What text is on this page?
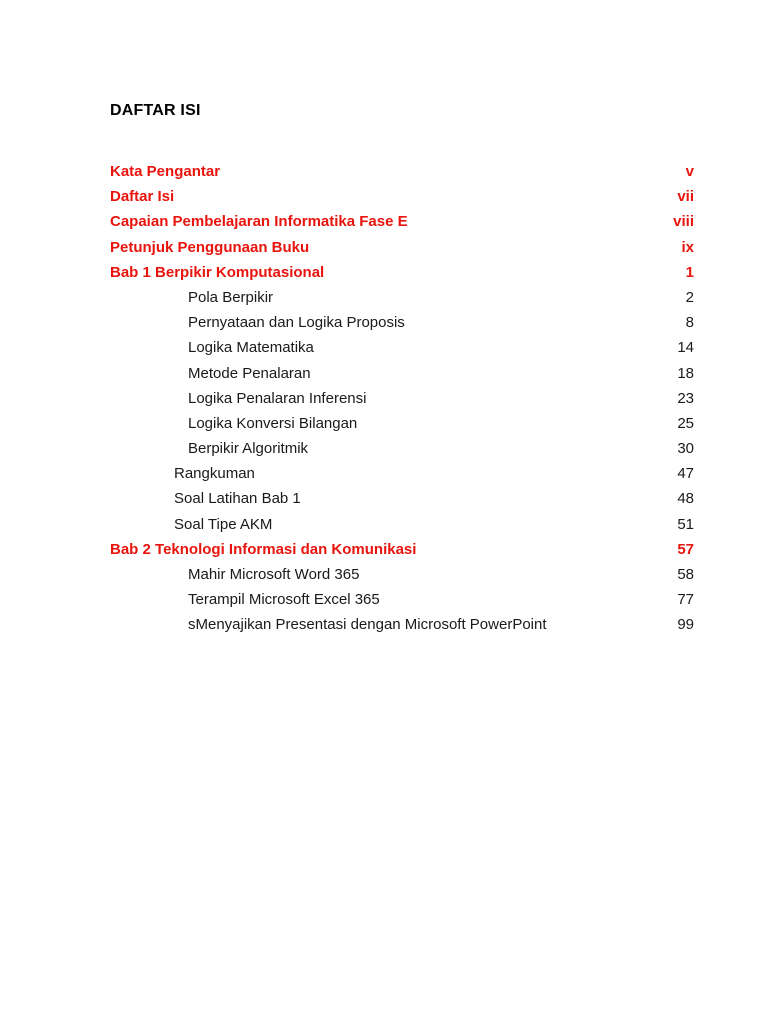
DAFTAR ISI
Kata Pengantar	v
Daftar Isi	vii
Capaian Pembelajaran Informatika Fase E	viii
Petunjuk Penggunaan Buku	ix
Bab 1 Berpikir Komputasional	1
Pola Berpikir	2
Pernyataan dan Logika Proposis	8
Logika Matematika	14
Metode Penalaran	18
Logika Penalaran Inferensi	23
Logika Konversi Bilangan	25
Berpikir Algoritmik	30
Rangkuman	47
Soal Latihan Bab 1	48
Soal Tipe AKM	51
Bab 2 Teknologi Informasi dan Komunikasi	57
Mahir Microsoft Word 365	58
Terampil Microsoft Excel 365	77
sMenyajikan Presentasi dengan Microsoft PowerPoint	99
